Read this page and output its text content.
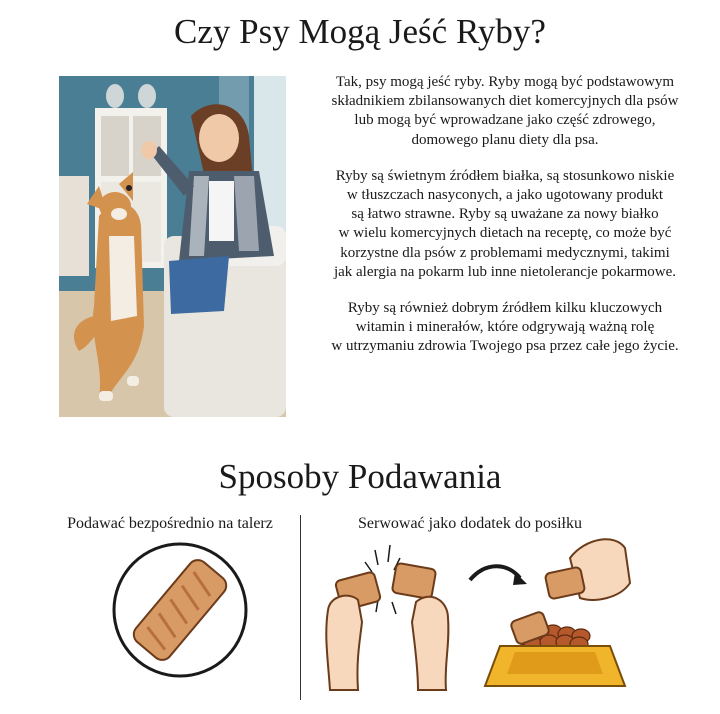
Czy Psy Mogą Jeść Ryby?

Tak, psy mogą jeść ryby. Ryby mogą być podstawowym
składnikiem zbilansowanych diet komercyjnych dla psów
lub mogą być wprowadzane jako część zdrowego,
domowego planu diety dla psa.

Ryby są świetnym źródłem białka, są stosunkowo niskie
w tłuszczach nasyconych, a jako ugotowany produkt
są łatwo strawne. Ryby są uważane za nowy białko
w wielu komercyjnych dietach na receptę, co może być
korzystne dla psów z problemami medycznymi, takimi
jak alergia na pokarm lub inne nietolerancje pokarmowe.

Ryby są również dobrym źródłem kilku kluczowych
witamin i minerałów, które odgrywają ważną rolę
w utrzymaniu zdrowia Twojego psa przez całe jego życie.

Sposoby Podawania
Podawać bezpośrednio na talerz	Serwować jako dodatek do posiłku
